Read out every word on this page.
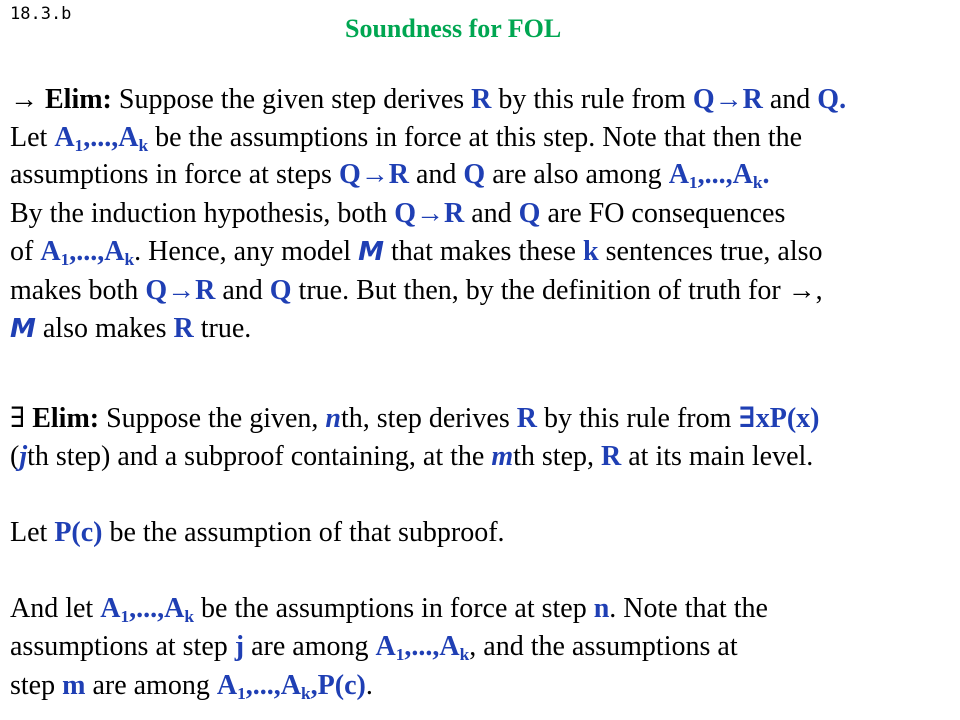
18.3.b	Soundness for FOL
→ Elim: Suppose the given step derives R by this rule from Q→R and Q.
Let $A_1,...,A_k$ be the assumptions in force at this step. Note that then the
assumptions in force at steps Q→R and Q are also among $A_1,...,A_k$.
By the induction hypothesis, both Q→R and Q are FO consequences
of $A_1,...,A_k$. Hence, any model M that makes these k sentences true, also
makes both Q→R and Q true. But then, by the definition of truth for →,
M also makes R true.
∃ Elim: Suppose the given, nth, step derives R by this rule from ∃xP(x)
(jth step) and a subproof containing, at the mth step, R at its main level.
Let P(c) be the assumption of that subproof.
And let $A_1,...,A_k$ be the assumptions in force at step n. Note that the
assumptions at step j are among $A_1,...,A_k$, and the assumptions at
step m are among $A_1,...,A_k,P(c)$.
